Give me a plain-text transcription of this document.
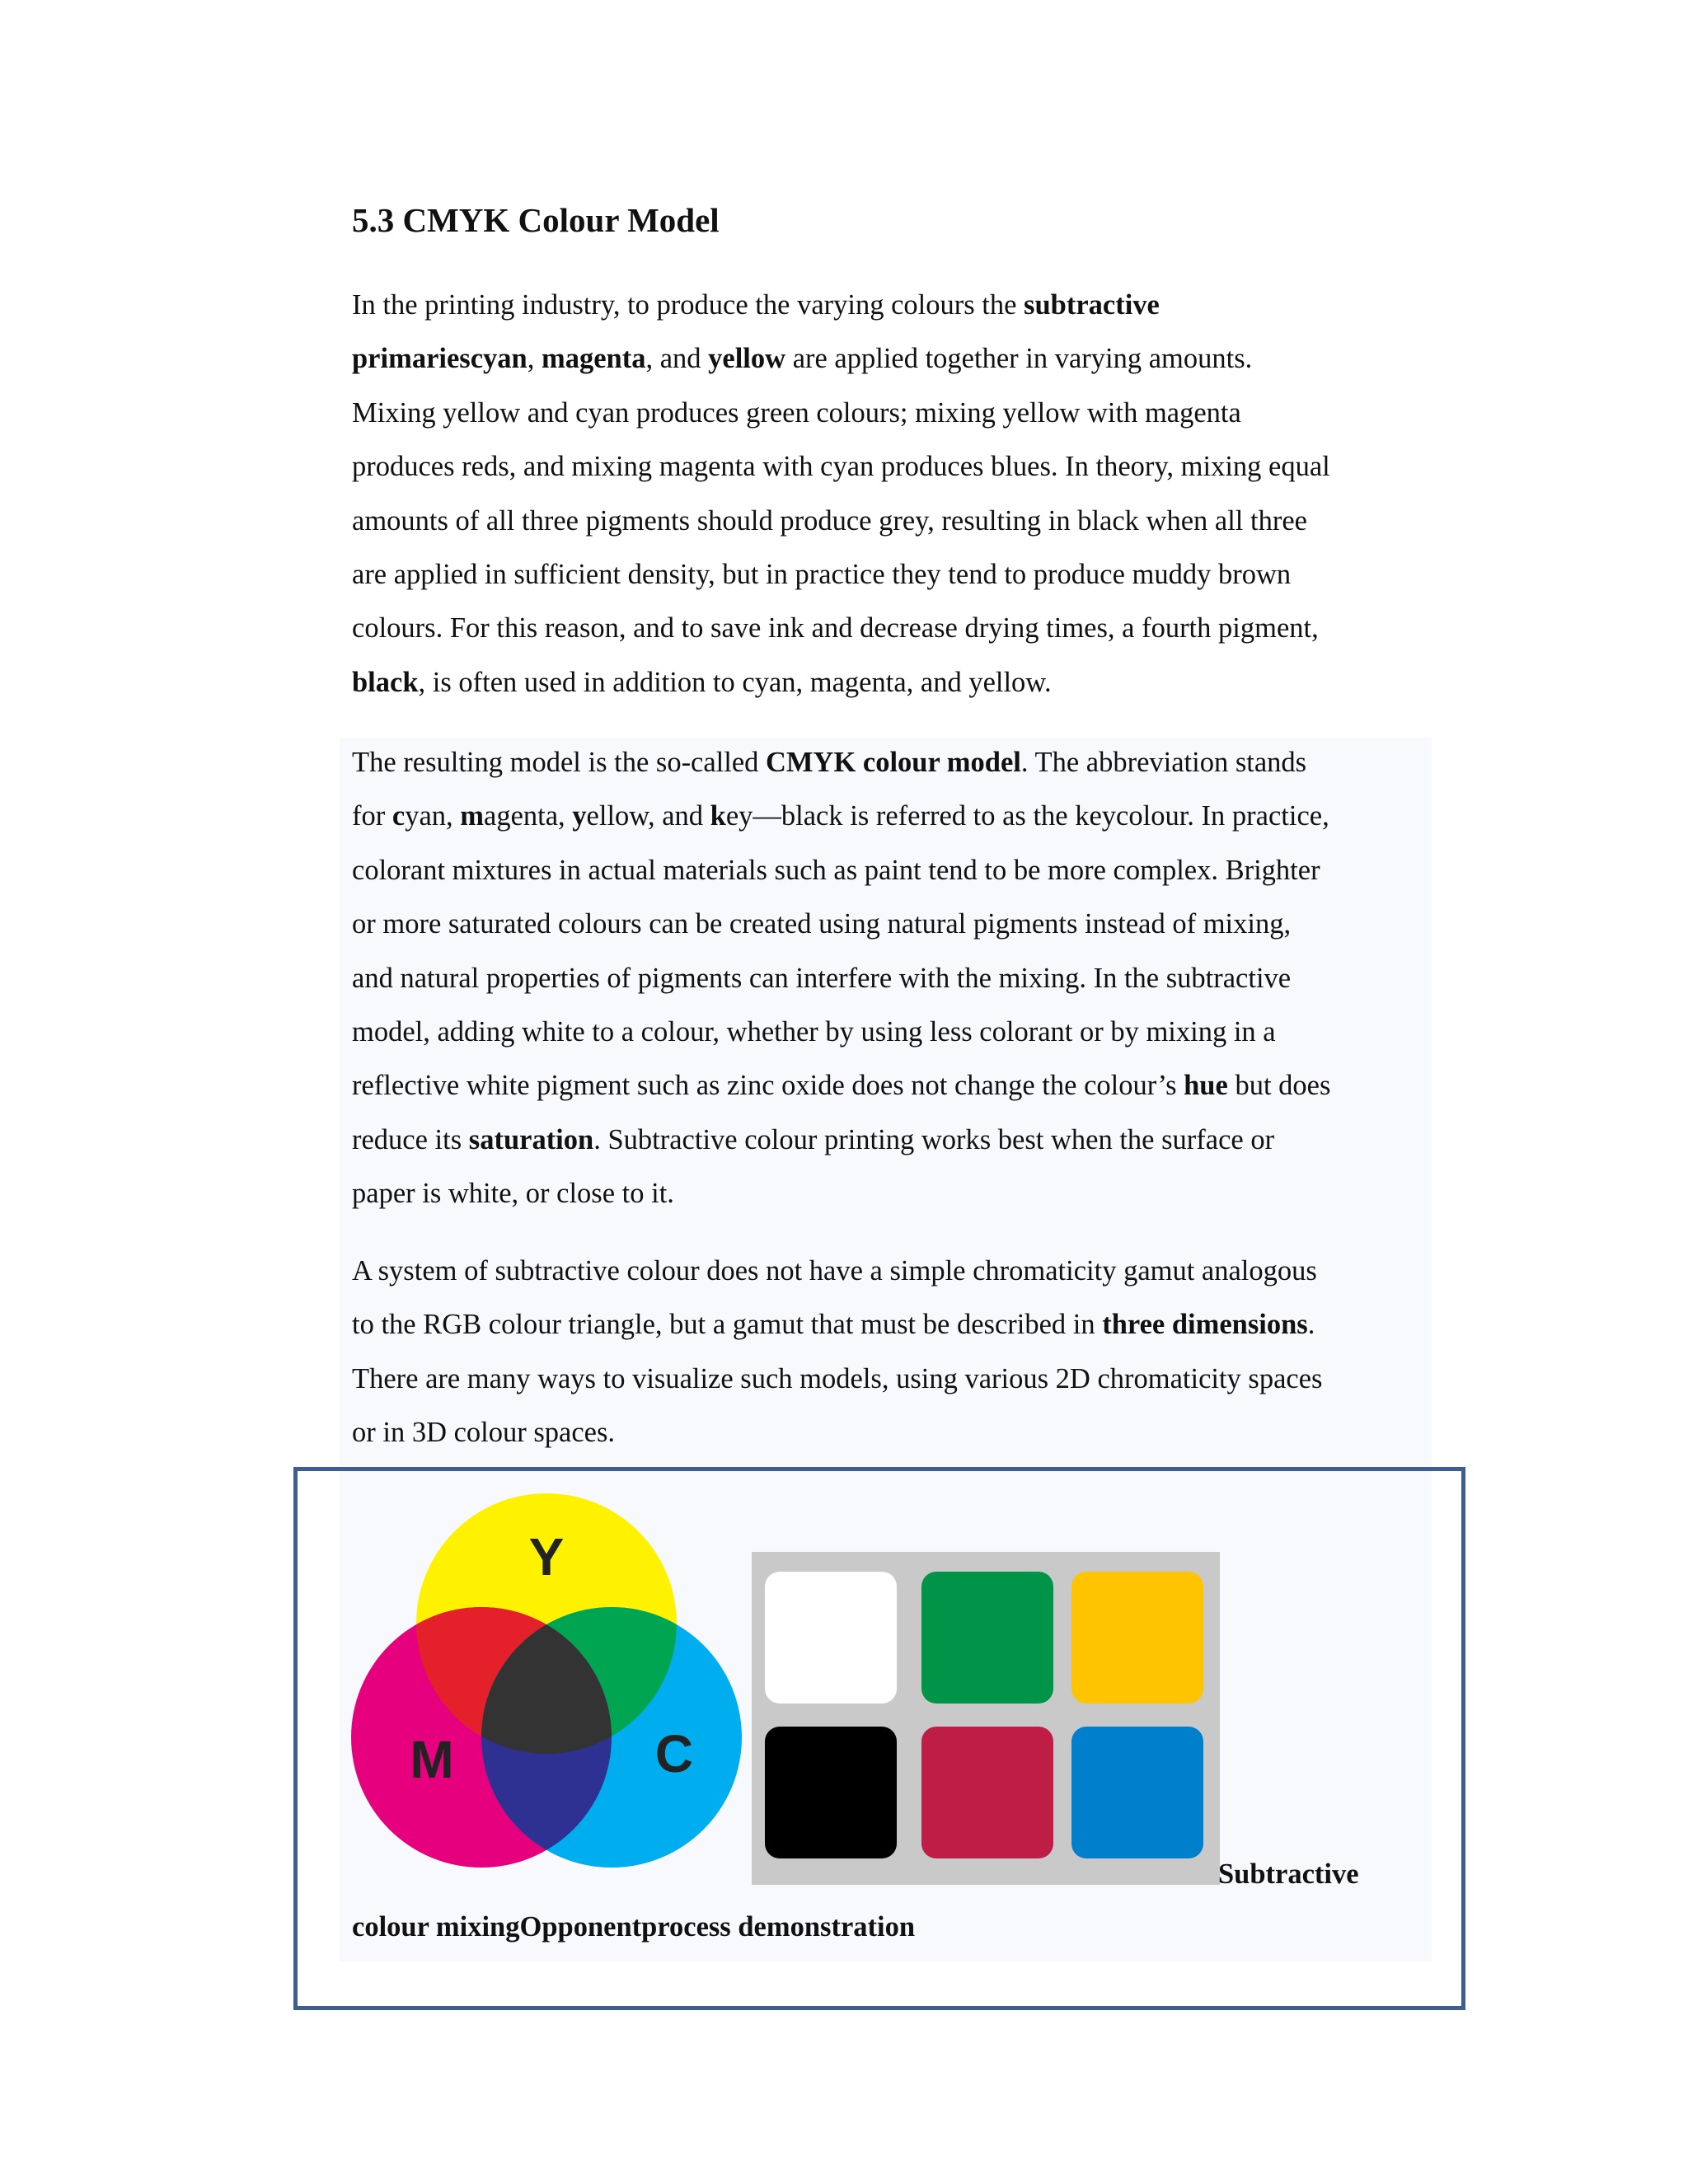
5.3 CMYK Colour Model
In the printing industry, to produce the varying colours the subtractive
primariescyan, magenta, and yellow are applied together in varying amounts.
Mixing yellow and cyan produces green colours; mixing yellow with magenta
produces reds, and mixing magenta with cyan produces blues. In theory, mixing equal
amounts of all three pigments should produce grey, resulting in black when all three
are applied in sufficient density, but in practice they tend to produce muddy brown
colours. For this reason, and to save ink and decrease drying times, a fourth pigment,
black, is often used in addition to cyan, magenta, and yellow.
The resulting model is the so-called CMYK colour model. The abbreviation stands
for cyan, magenta, yellow, and key—black is referred to as the keycolour. In practice,
colorant mixtures in actual materials such as paint tend to be more complex. Brighter
or more saturated colours can be created using natural pigments instead of mixing,
and natural properties of pigments can interfere with the mixing. In the subtractive
model, adding white to a colour, whether by using less colorant or by mixing in a
reflective white pigment such as zinc oxide does not change the colour’s hue but does
reduce its saturation. Subtractive colour printing works best when the surface or
paper is white, or close to it.
A system of subtractive colour does not have a simple chromaticity gamut analogous
to the RGB colour triangle, but a gamut that must be described in three dimensions.
There are many ways to visualize such models, using various 2D chromaticity spaces
or in 3D colour spaces.
Y
M	C
Subtractive
colour mixingOpponentprocess demonstration
